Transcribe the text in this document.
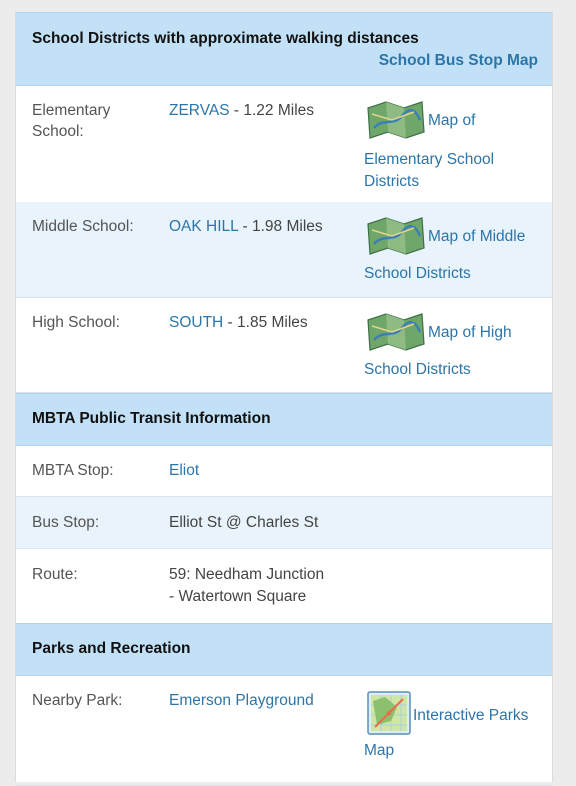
School Districts with approximate walking distances
School Bus Stop Map
Elementary School:
ZERVAS - 1.22 Miles
Map of
Elementary School Districts
Middle School:	OAK HILL - 1.98 Miles
Map of Middle
School Districts
High School:	SOUTH - 1.85 Miles
Map of High
School Districts
MBTA Public Transit Information
MBTA Stop:	Eliot
Bus Stop:	Elliot St @ Charles St
Route:	59: Needham Junction
- Watertown Square
Parks and Recreation
Nearby Park:	Emerson Playground
Interactive Parks
Map
